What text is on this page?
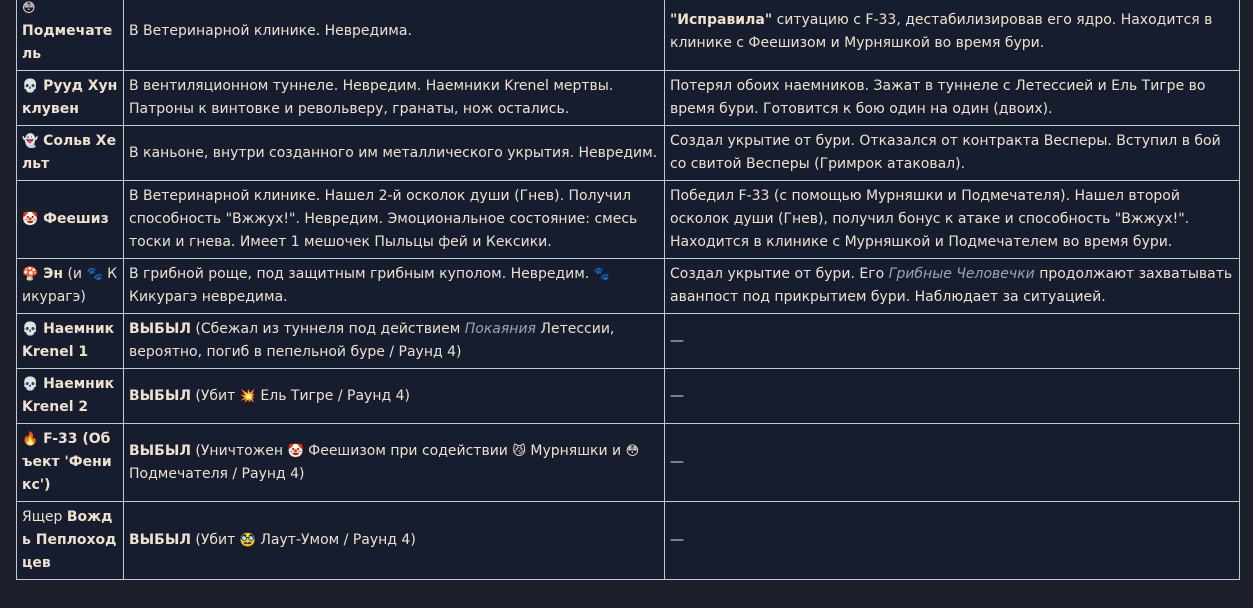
😳
Подмечатель	В Ветеринарной клинике. Невредима.	"Исправила" ситуацию с F-33, дестабилизировав его ядро. Находится в клинике с Феешизом и Мурняшкой во время бури.
💀 Рууд Хунклувен	В вентиляционном туннеле. Невредим. Наемники Krenel мертвы. Патроны к винтовке и револьверу, гранаты, нож остались.	Потерял обоих наемников. Зажат в туннеле с Летессией и Ель Тигре во время бури. Готовится к бою один на один (двоих).
👻 Сольв Хельт	В каньоне, внутри созданного им металлического укрытия. Невредим.	Создал укрытие от бури. Отказался от контракта Весперы. Вступил в бой со свитой Весперы (Гримрок атаковал).
🤡 Феешиз	В Ветеринарной клинике. Нашел 2-й осколок души (Гнев). Получил способность "Вжжух!". Невредим. Эмоциональное состояние: смесь тоски и гнева. Имеет 1 мешочек Пыльцы фей и Кексики.	Победил F-33 (с помощью Мурняшки и Подмечателя). Нашел второй осколок души (Гнев), получил бонус к атаке и способность "Вжжух!". Находится в клинике с Мурняшкой и Подмечателем во время бури.
🍄 Эн (и 🐾 Кикурагэ)	В грибной роще, под защитным грибным куполом. Невредим. 🐾 Кикурагэ невредима.	Создал укрытие от бури. Его Грибные Человечки продолжают захватывать аванпост под прикрытием бури. Наблюдает за ситуацией.
💀 Наемник Krenel 1	ВЫБЫЛ (Сбежал из туннеля под действием Покаяния Летессии, вероятно, погиб в пепельной буре / Раунд 4)	—
💀 Наемник Krenel 2	ВЫБЫЛ (Убит 💥 Ель Тигре / Раунд 4)	—
🔥 F-33 (Объект 'Феникс')	ВЫБЫЛ (Уничтожен 🤡 Феешизом при содействии 😼 Мурняшки и 😳 Подмечателя / Раунд 4)	—
Ящер Вождь Пеплоходцев	ВЫБЫЛ (Убит 🥸 Лаут-Умом / Раунд 4)	—
